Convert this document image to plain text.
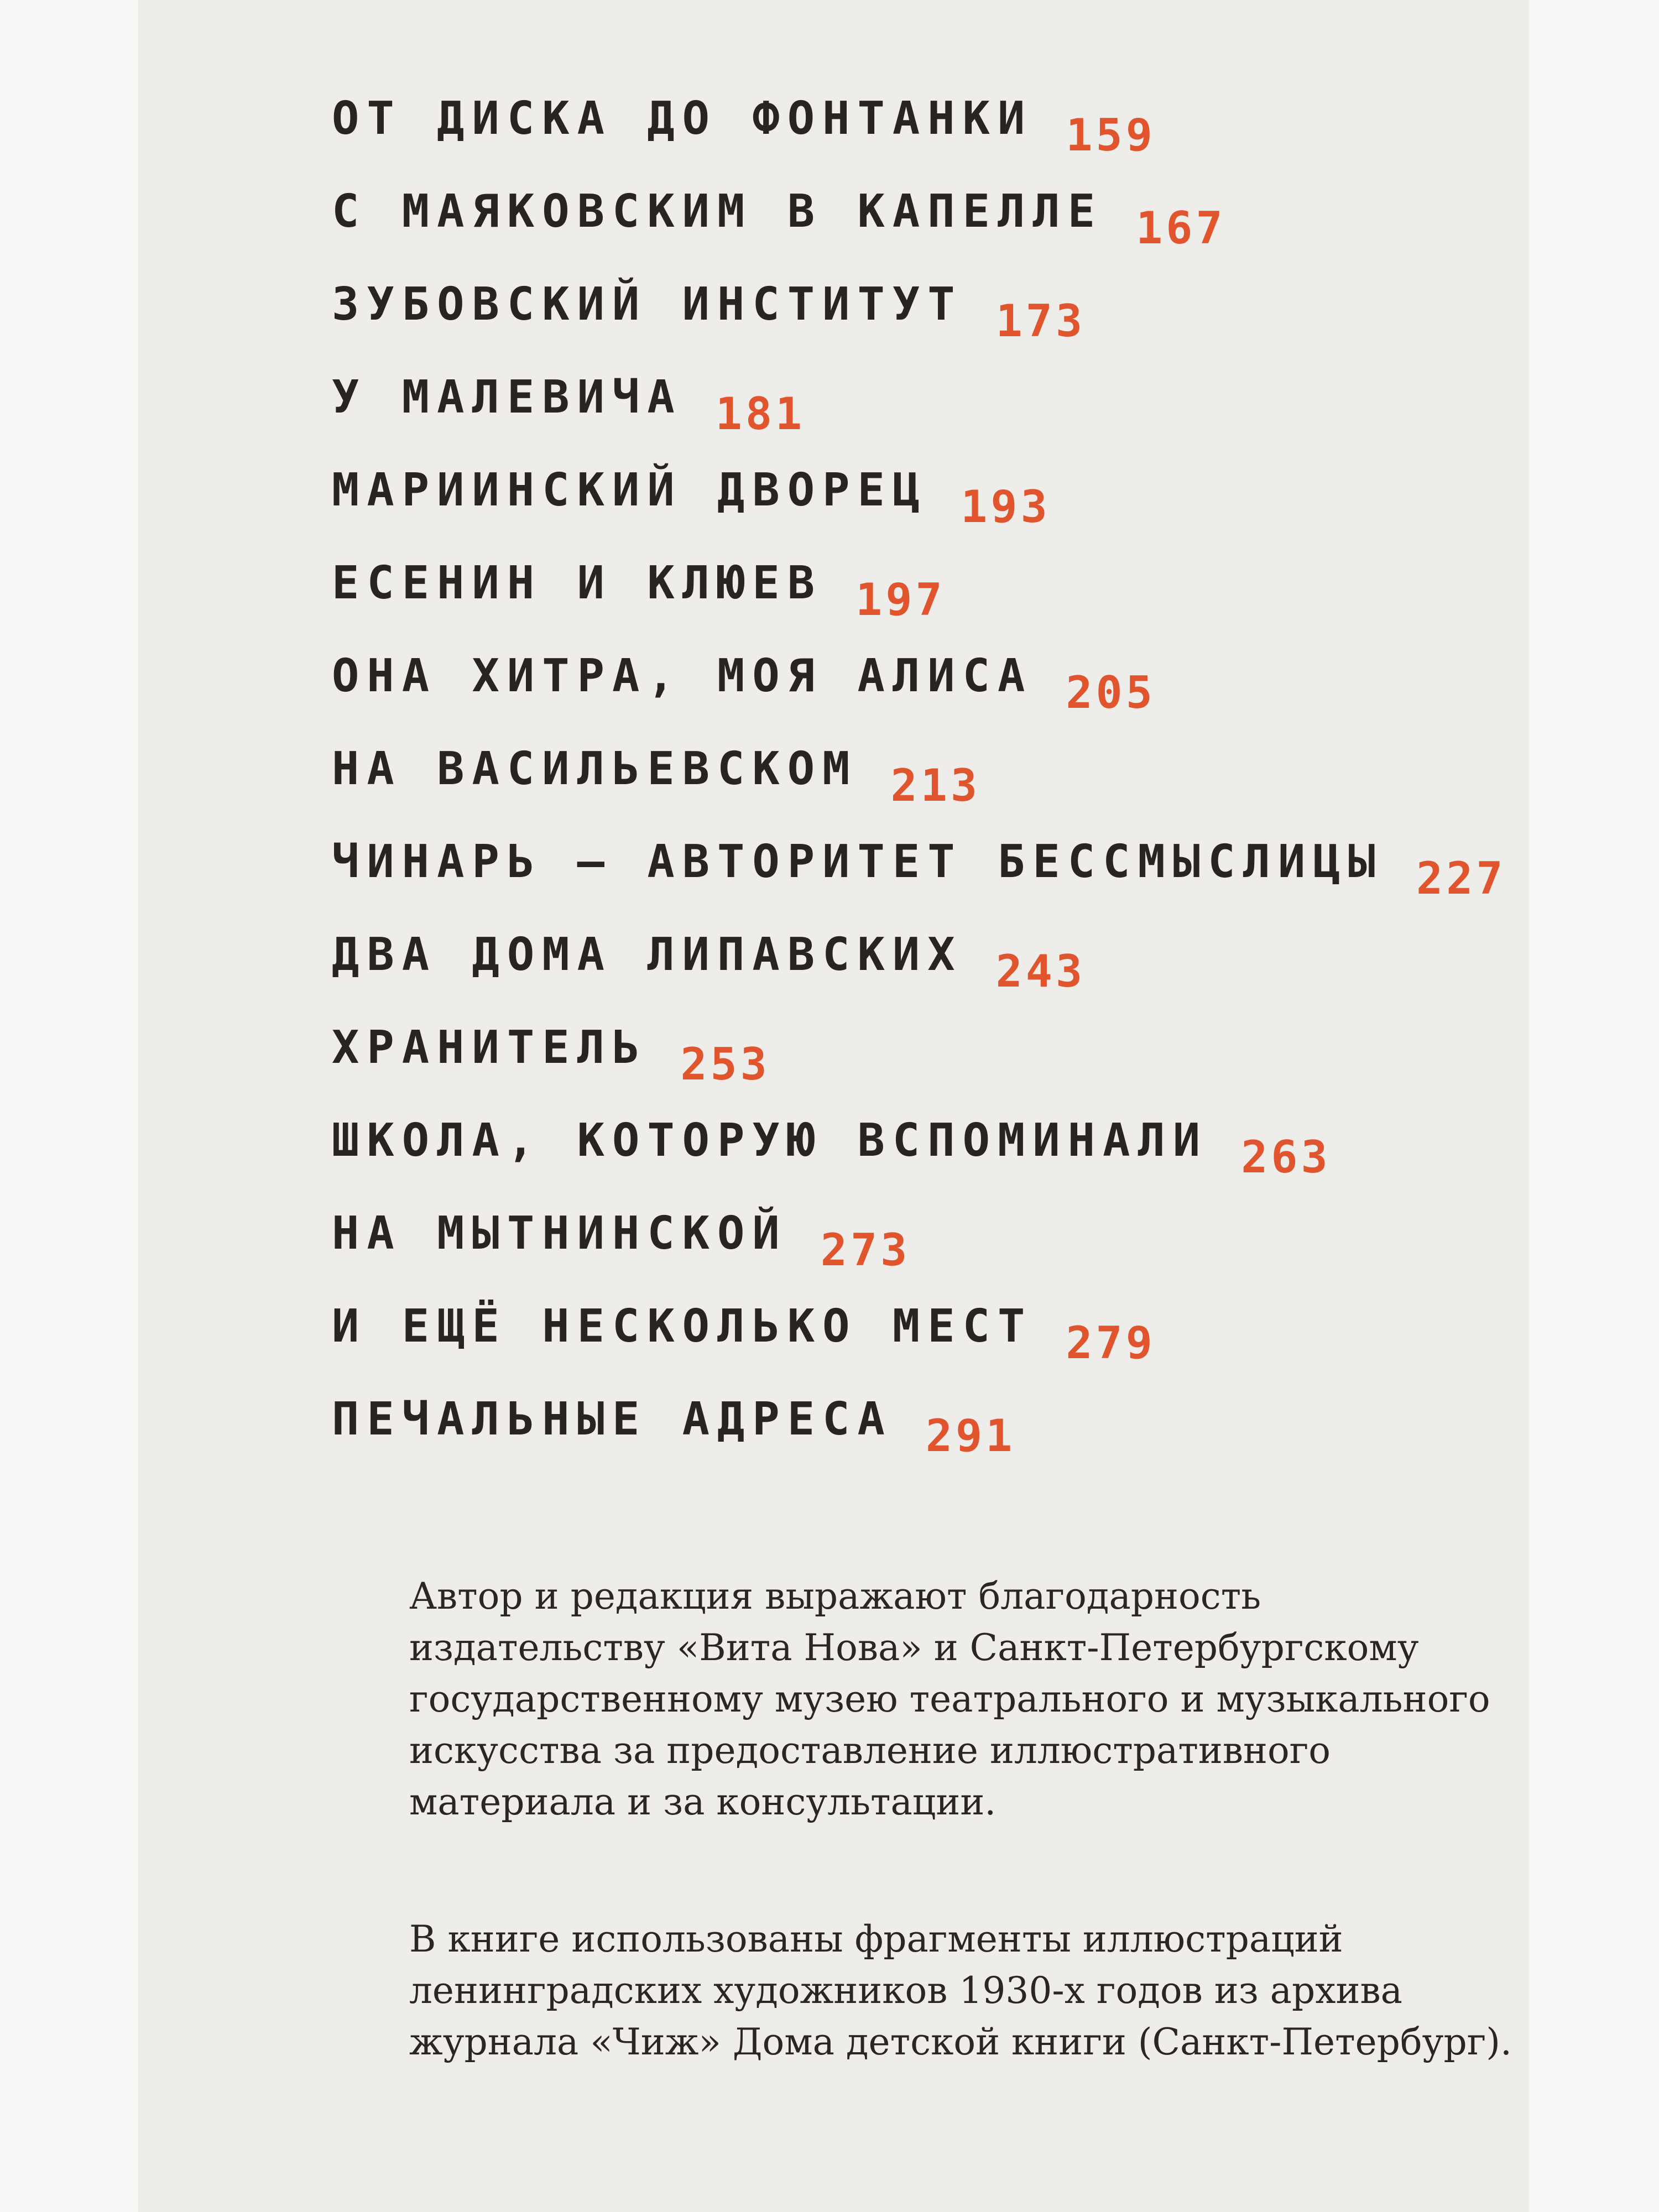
ОТ ДИСКА ДО ФОНТАНКИ 159
С МАЯКОВСКИМ В КАПЕЛЛЕ 167
ЗУБОВСКИЙ ИНСТИТУТ 173
У МАЛЕВИЧА 181
МАРИИНСКИЙ ДВОРЕЦ 193
ЕСЕНИН И КЛЮЕВ 197
ОНА ХИТРА, МОЯ АЛИСА 205
НА ВАСИЛЬЕВСКОМ 213
ЧИНАРЬ – АВТОРИТЕТ БЕССМЫСЛИЦЫ 227
ДВА ДОМА ЛИПАВСКИХ 243
ХРАНИТЕЛЬ 253
ШКОЛА, КОТОРУЮ ВСПОМИНАЛИ 263
НА МЫТНИНСКОЙ 273
И ЕЩЁ НЕСКОЛЬКО МЕСТ 279
ПЕЧАЛЬНЫЕ АДРЕСА 291

Автор и редакция выражают благодарность
издательству «Вита Нова» и Санкт-Петербургскому
государственному музею театрального и музыкального
искусства за предоставление иллюстративного
материала и за консультации.

В книге использованы фрагменты иллюстраций
ленинградских художников 1930-х годов из архива
журнала «Чиж» Дома детской книги (Санкт-Петербург).
